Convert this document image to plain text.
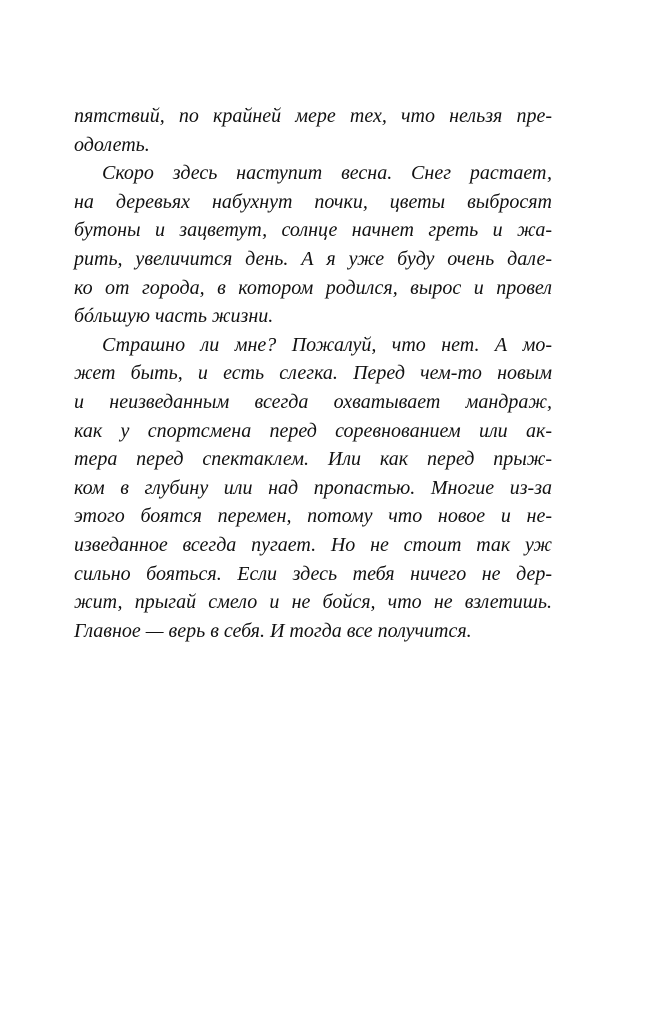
пятствий, по крайней мере тех, что нельзя пре-
одолеть.
Скоро здесь наступит весна. Снег растает,
на деревьях набухнут почки, цветы выбросят
бутоны и зацветут, солнце начнет греть и жа-
рить, увеличится день. А я уже буду очень дале-
ко от города, в котором родился, вырос и провел
бóльшую часть жизни.
Страшно ли мне? Пожалуй, что нет. А мо-
жет быть, и есть слегка. Перед чем-то новым
и неизведанным всегда охватывает мандраж,
как у спортсмена перед соревнованием или ак-
тера перед спектаклем. Или как перед прыж-
ком в глубину или над пропастью. Многие из-за
этого боятся перемен, потому что новое и не-
изведанное всегда пугает. Но не стоит так уж
сильно бояться. Если здесь тебя ничего не дер-
жит, прыгай смело и не бойся, что не взлетишь.
Главное — верь в себя. И тогда все получится.
